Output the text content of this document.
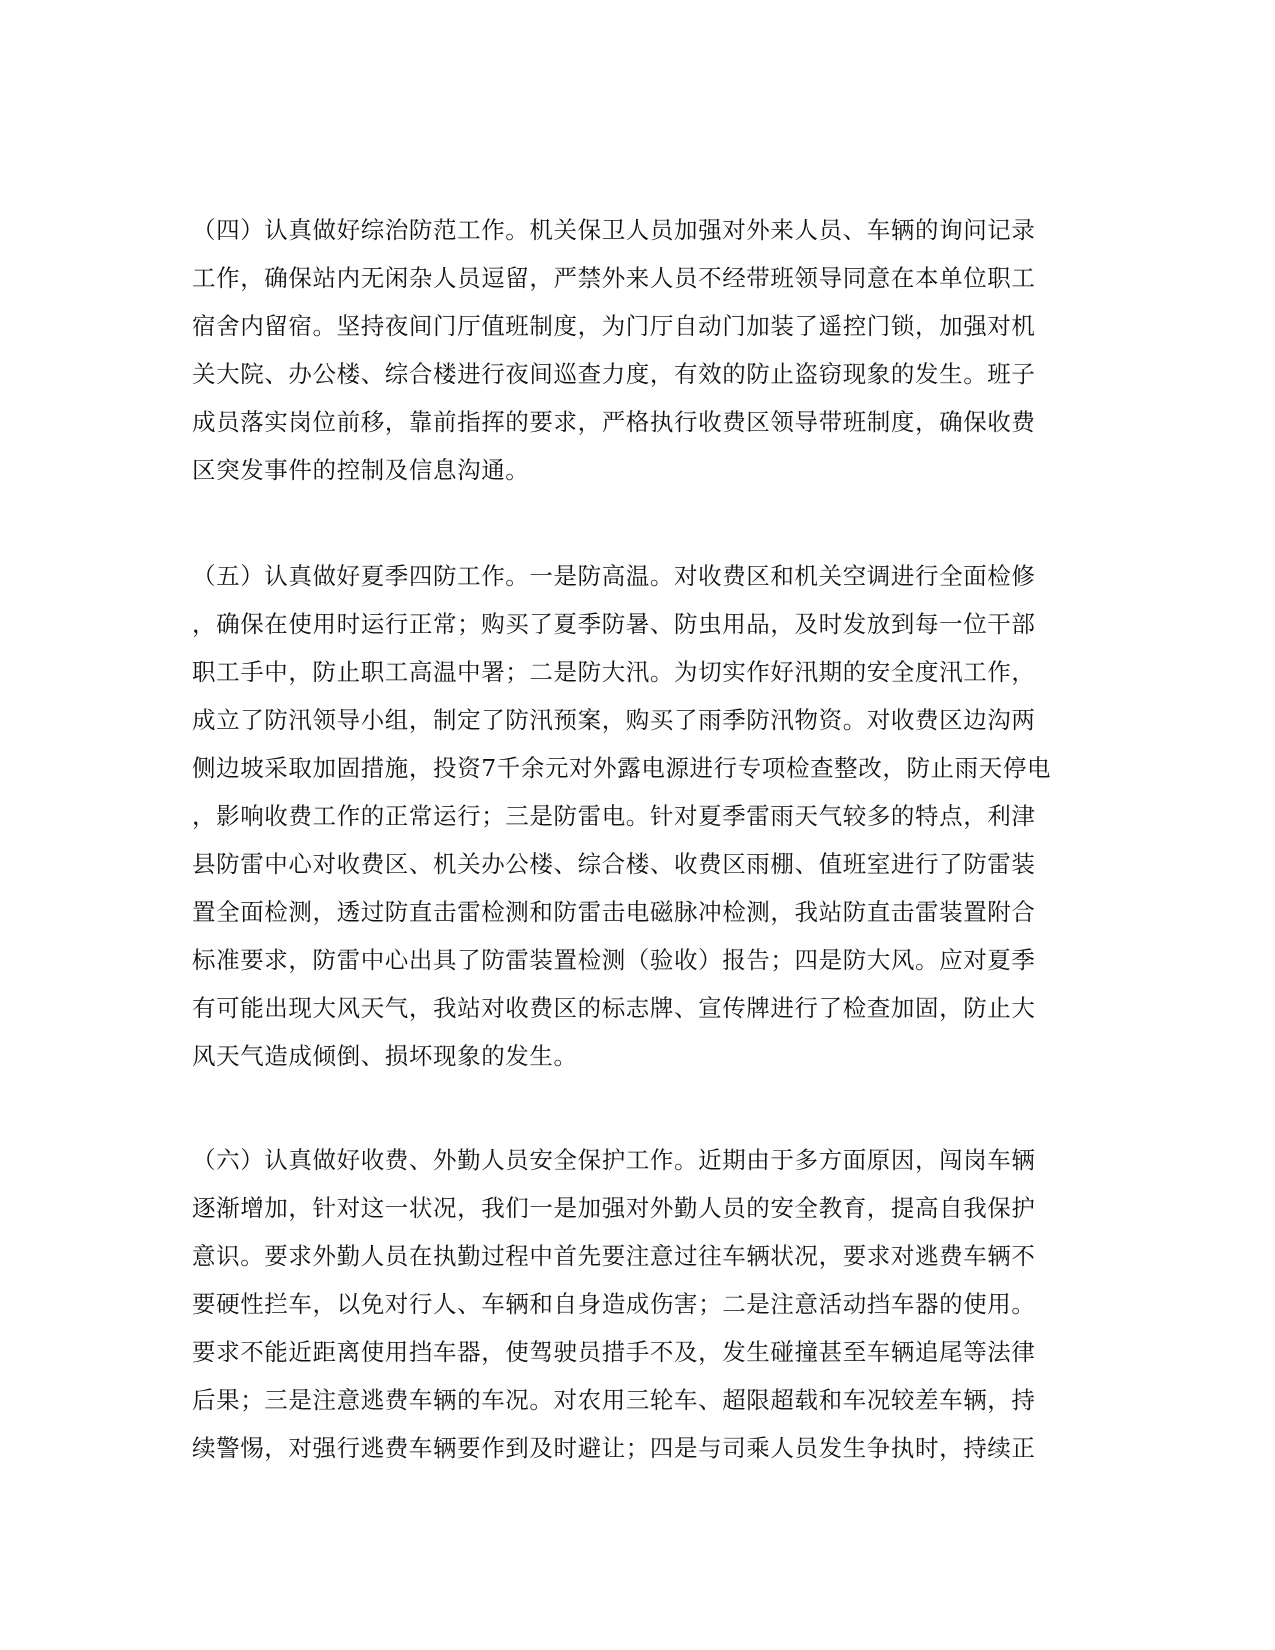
（四）认真做好综治防范工作。机关保卫人员加强对外来人员、车辆的询问记录
工作，确保站内无闲杂人员逗留，严禁外来人员不经带班领导同意在本单位职工
宿舍内留宿。坚持夜间门厅值班制度，为门厅自动门加装了遥控门锁，加强对机
关大院、办公楼、综合楼进行夜间巡查力度，有效的防止盗窃现象的发生。班子
成员落实岗位前移，靠前指挥的要求，严格执行收费区领导带班制度，确保收费
区突发事件的控制及信息沟通。
（五）认真做好夏季四防工作。一是防高温。对收费区和机关空调进行全面检修
，确保在使用时运行正常；购买了夏季防暑、防虫用品，及时发放到每一位干部
职工手中，防止职工高温中署；二是防大汛。为切实作好汛期的安全度汛工作，
成立了防汛领导小组，制定了防汛预案，购买了雨季防汛物资。对收费区边沟两
侧边坡采取加固措施，投资7千余元对外露电源进行专项检查整改，防止雨天停电
，影响收费工作的正常运行；三是防雷电。针对夏季雷雨天气较多的特点，利津
县防雷中心对收费区、机关办公楼、综合楼、收费区雨棚、值班室进行了防雷装
置全面检测，透过防直击雷检测和防雷击电磁脉冲检测，我站防直击雷装置附合
标准要求，防雷中心出具了防雷装置检测（验收）报告；四是防大风。应对夏季
有可能出现大风天气，我站对收费区的标志牌、宣传牌进行了检查加固，防止大
风天气造成倾倒、损坏现象的发生。
（六）认真做好收费、外勤人员安全保护工作。近期由于多方面原因，闯岗车辆
逐渐增加，针对这一状况，我们一是加强对外勤人员的安全教育，提高自我保护
意识。要求外勤人员在执勤过程中首先要注意过往车辆状况，要求对逃费车辆不
要硬性拦车，以免对行人、车辆和自身造成伤害；二是注意活动挡车器的使用。
要求不能近距离使用挡车器，使驾驶员措手不及，发生碰撞甚至车辆追尾等法律
后果；三是注意逃费车辆的车况。对农用三轮车、超限超载和车况较差车辆，持
续警惕，对强行逃费车辆要作到及时避让；四是与司乘人员发生争执时，持续正
